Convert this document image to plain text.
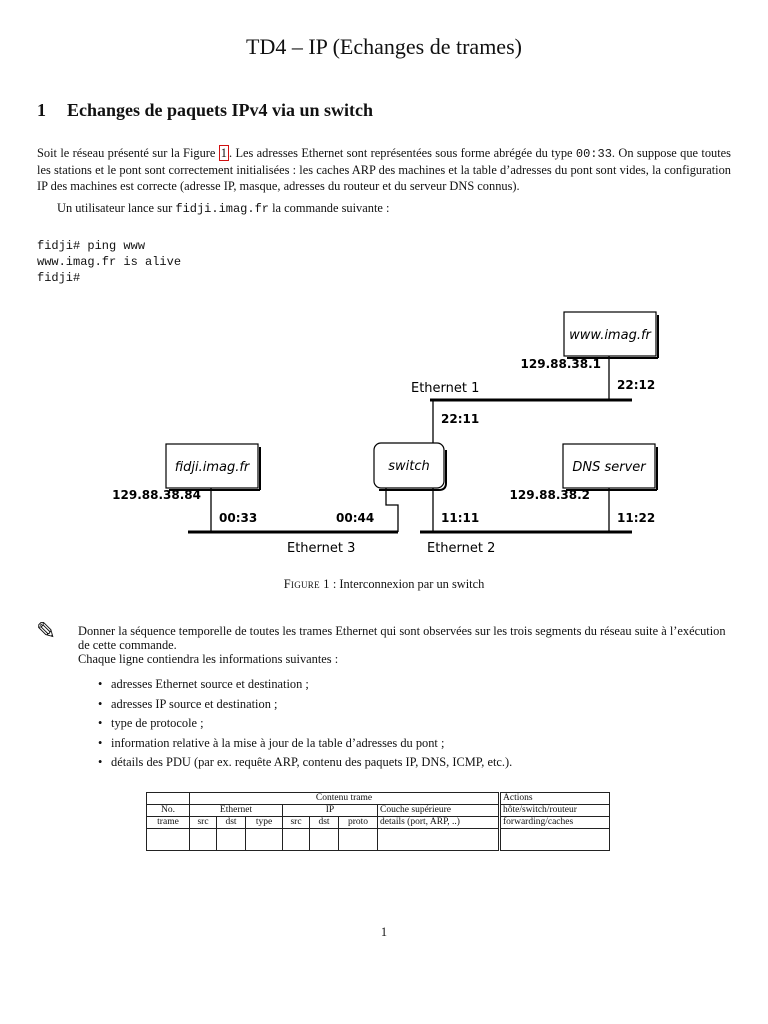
TD4 – IP (Echanges de trames)
1 Echanges de paquets IPv4 via un switch
Soit le réseau présenté sur la Figure 1 . Les adresses Ethernet sont représentées sous forme abrégée du type 00:33. On suppose que toutes les stations et le pont sont correctement initialisées : les caches ARP des machines et la table d’adresses du pont sont vides, la configuration IP des machines est correcte (adresse IP, masque, adresses du routeur et du serveur DNS connus).
Un utilisateur lance sur fidji.imag.fr la commande suivante :
fidji# ping www
www.imag.fr is alive
fidji#
www.imag.fr
fidji.imag.fr	switch	DNS server
129.88.38.1
129.88.38.84	129.88.38.2
22:12
22:11
00:33	00:44	11:11	11:22
Ethernet 1
Ethernet 3	Ethernet 2
Figure 1 : Interconnexion par un switch
✎ Donner la séquence temporelle de toutes les trames Ethernet qui sont observées sur les trois segments du réseau suite à l’exécution de cette commande.
Chaque ligne contiendra les informations suivantes :
• adresses Ethernet source et destination ;
• adresses IP source et destination ;
• type de protocole ;
• information relative à la mise à jour de la table d’adresses du pont ;
• détails des PDU (par ex. requête ARP, contenu des paquets IP, DNS, ICMP, etc.).
	Contenu trame							Actions
No.	Ethernet			IP			Couche supérieure	hôte/switch/routeur
trame	src	dst	type	src	dst	proto	details (port, ARP, ..)	forwarding/caches

1
